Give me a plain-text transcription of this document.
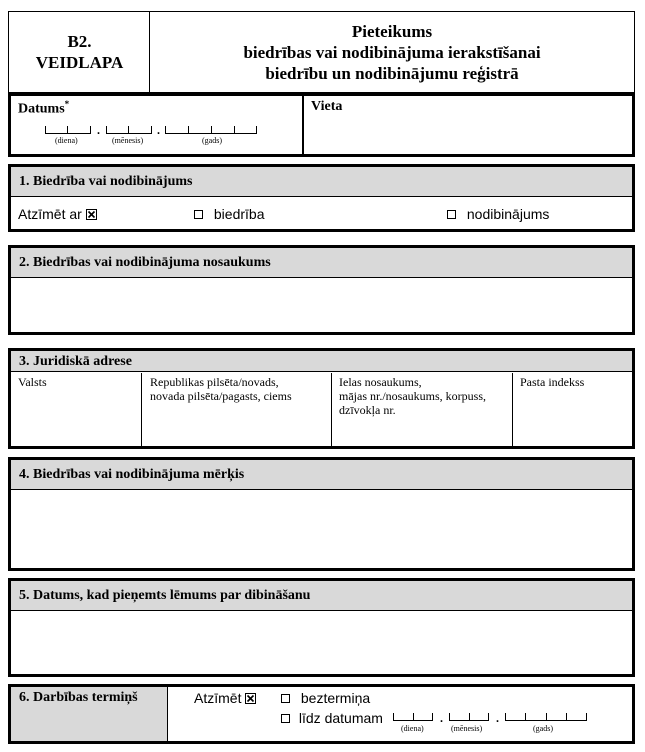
B2.
VEIDLAPA
Pieteikums
biedrības vai nodibinājuma ierakstīšanai
biedrību un nodibinājumu reģistrā
Datums*
.	.
(diena)	(mēnesis)	(gads)
Vieta
1. Biedrība vai nodibinājums
Atzīmēt ar	biedrība	nodibinājums
2. Biedrības vai nodibinājuma nosaukums
3. Juridiskā adrese
Valsts	Republikas pilsēta/novads,
novada pilsēta/pagasts, ciems
Ielas nosaukums,
mājas nr./nosaukums, korpuss,
dzīvokļa nr.
Pasta indekss
4. Biedrības vai nodibinājuma mērķis
5. Datums, kad pieņemts lēmums par dibināšanu
6. Darbības termiņš	Atzīmēt	beztermiņa
līdz datumam	.	.
(diena)	(mēnesis)	(gads)
